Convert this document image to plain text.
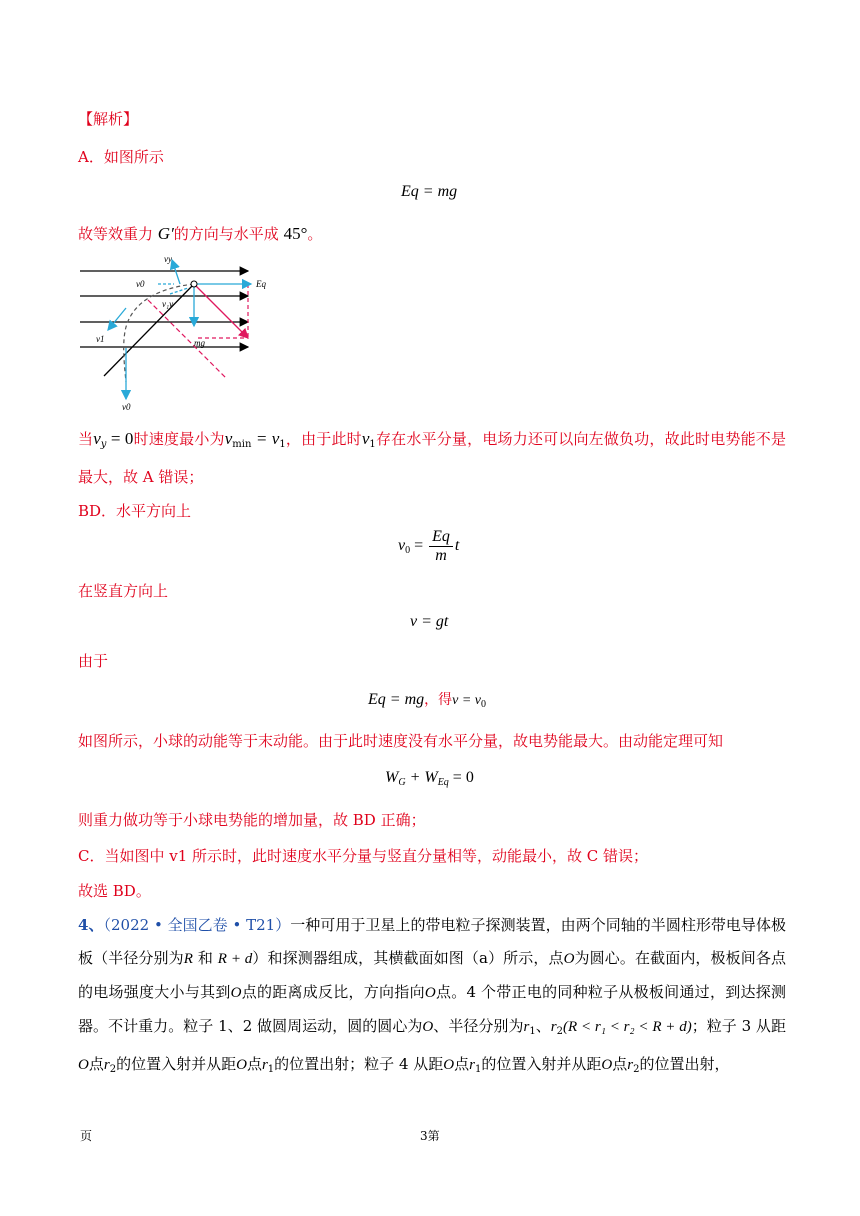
【解析】
A．如图所示
Eq = mg
故等效重力 G′的方向与水平成 45°。
vy
v0	Eq
v₁v
v1	mg
v0
当$v_y = 0$时速度最小为$v_{min} = v_1$，由于此时$v_1$存在水平分量，电场力还可以向左做负功，故此时电势能不是最大，故 A 错误；
BD．水平方向上
$v_0 = \frac{Eq}{m}$ t
在竖直方向上
v = gt
由于
Eq = mg，得$v = v_0$
如图所示，小球的动能等于末动能。由于此时速度没有水平分量，故电势能最大。由动能定理可知
$W_G + W_{Eq} = 0$
则重力做功等于小球电势能的增加量，故 BD 正确；
C．当如图中 v1 所示时，此时速度水平分量与竖直分量相等，动能最小，故 C 错误；
故选 BD。
4、（2022 • 全国乙卷 • T21）一种可用于卫星上的带电粒子探测装置，由两个同轴的半圆柱形带电导体极板（半径分别为R 和 R + d）和探测器组成，其横截面如图（a）所示，点O为圆心。在截面内，极板间各点的电场强度大小与其到O点的距离成反比，方向指向O点。4 个带正电的同种粒子从极板间通过，到达探测器。不计重力。粒子 1、2 做圆周运动，圆的圆心为O、半径分别为$r_1$、$r_2(R < r_1 < r_2 < R + d)$；粒子 3 从距O点$r_2$的位置入射并从距O点$r_1$的位置出射；粒子 4 从距O点$r_1$的位置入射并从距O点$r_2$的位置出射，
页	3第
